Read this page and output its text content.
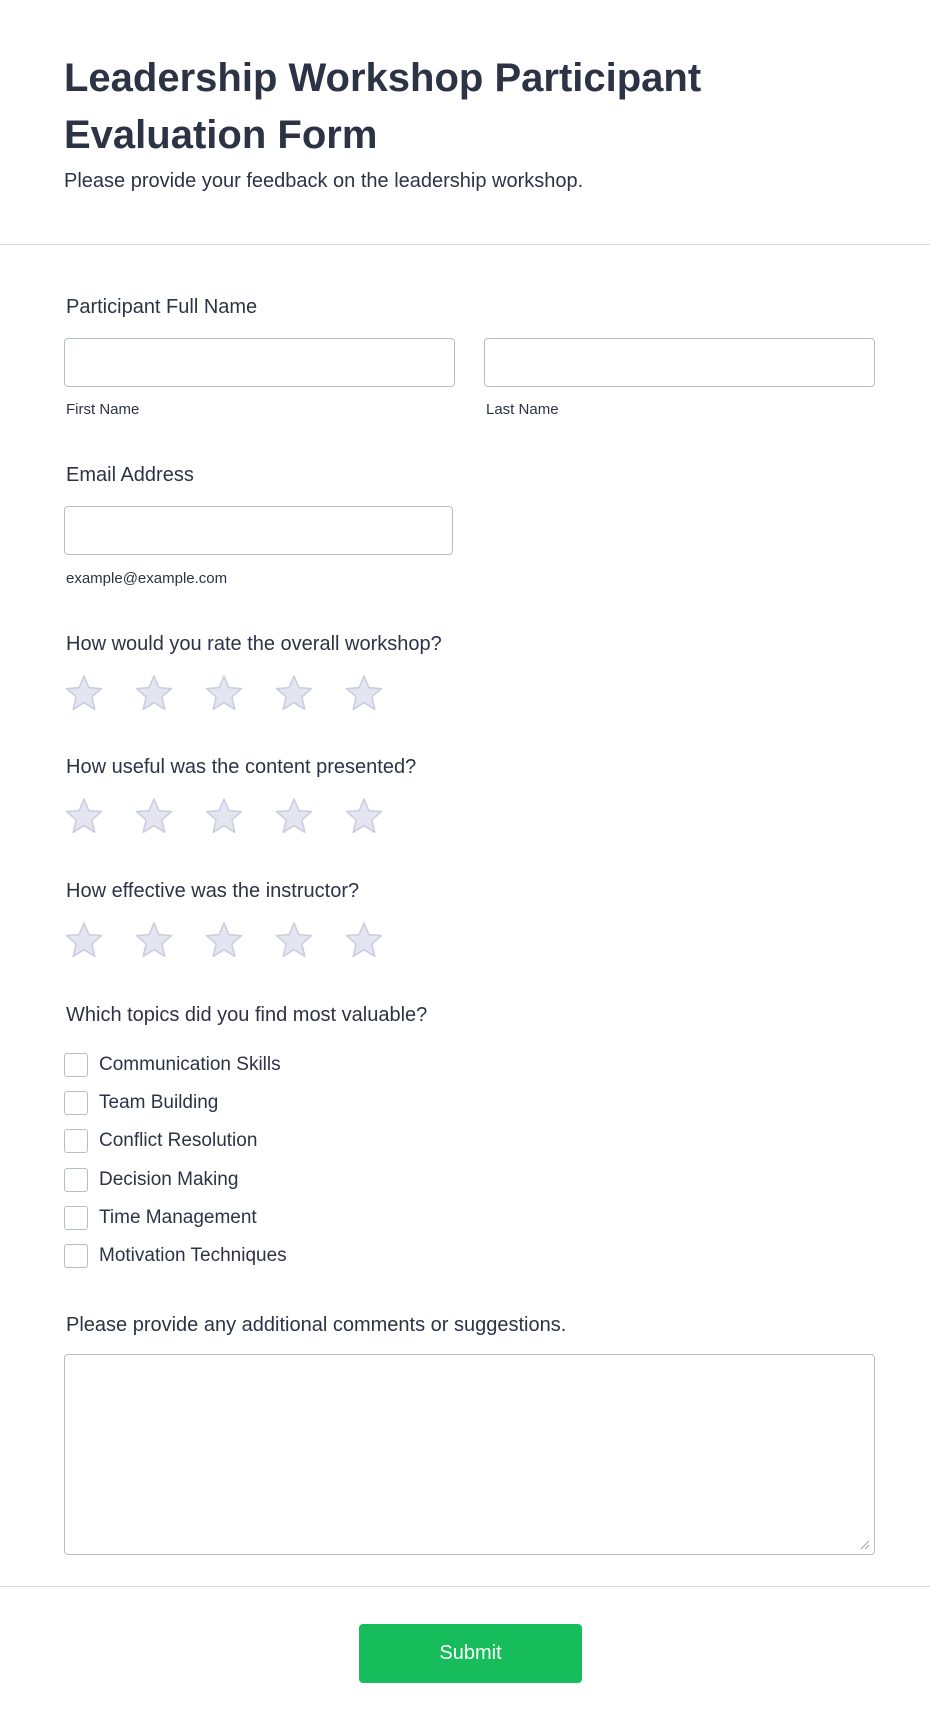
Leadership Workshop Participant
Evaluation Form
Please provide your feedback on the leadership workshop.
Participant Full Name
First Name	Last Name
Email Address
example@example.com
How would you rate the overall workshop?
How useful was the content presented?
How effective was the instructor?
Which topics did you find most valuable?
Communication Skills
Team Building
Conflict Resolution
Decision Making
Time Management
Motivation Techniques
Please provide any additional comments or suggestions.
Submit
